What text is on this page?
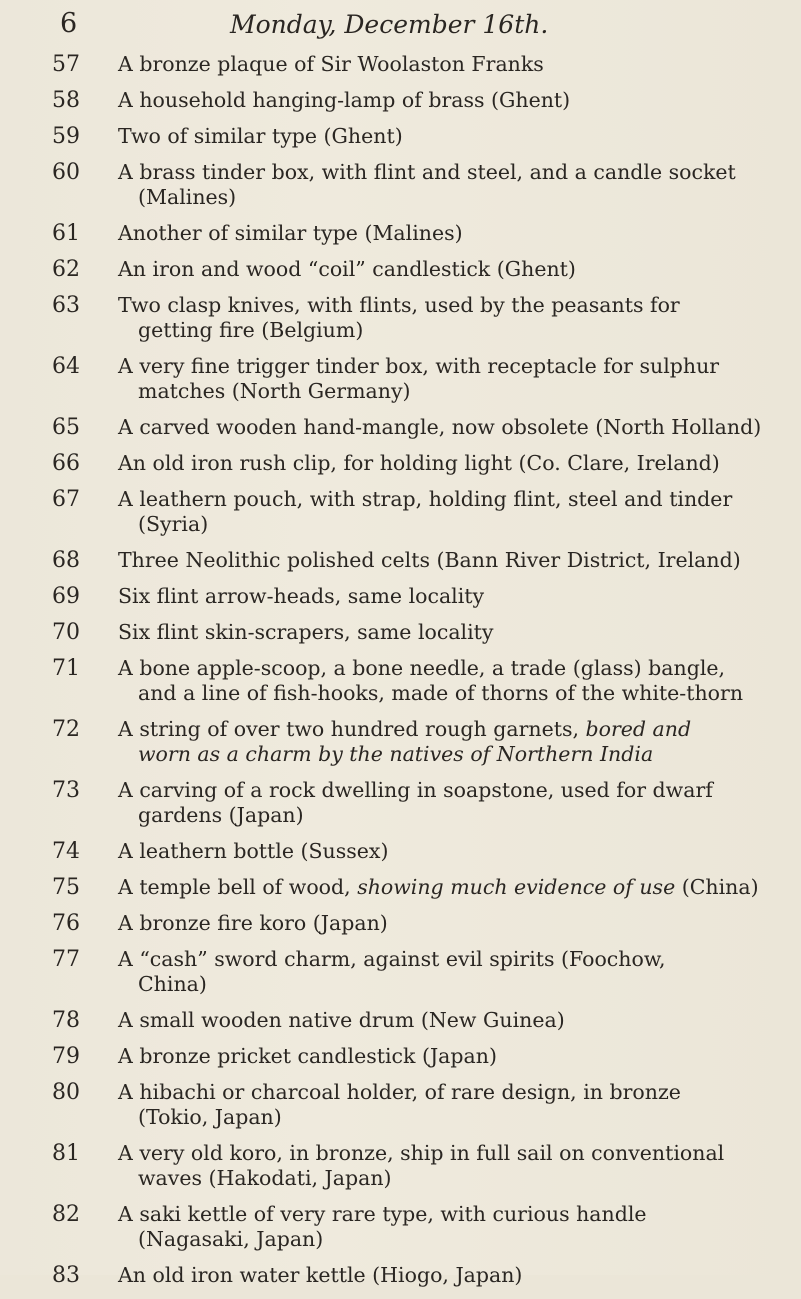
6	Monday, December 16th.
57	A bronze plaque of Sir Woolaston Franks
58	A household hanging-lamp of brass (Ghent)
59	Two of similar type (Ghent)
60	A brass tinder box, with flint and steel, and a candle socket
(Malines)
61	Another of similar type (Malines)
62	An iron and wood “coil” candlestick (Ghent)
63	Two clasp knives, with flints, used by the peasants for
getting fire (Belgium)
64	A very fine trigger tinder box, with receptacle for sulphur
matches (North Germany)
65	A carved wooden hand-mangle, now obsolete (North Holland)
66	An old iron rush clip, for holding light (Co. Clare, Ireland)
67	A leathern pouch, with strap, holding flint, steel and tinder
(Syria)
68	Three Neolithic polished celts (Bann River District, Ireland)
69	Six flint arrow-heads, same locality
70	Six flint skin-scrapers, same locality
71	A bone apple-scoop, a bone needle, a trade (glass) bangle,
and a line of fish-hooks, made of thorns of the white-thorn
72	A string of over two hundred rough garnets, bored and
worn as a charm by the natives of Northern India
73	A carving of a rock dwelling in soapstone, used for dwarf
gardens (Japan)
74	A leathern bottle (Sussex)
75	A temple bell of wood, showing much evidence of use (China)
76	A bronze fire koro (Japan)
77	A “cash” sword charm, against evil spirits (Foochow,
China)
78	A small wooden native drum (New Guinea)
79	A bronze pricket candlestick (Japan)
80	A hibachi or charcoal holder, of rare design, in bronze
(Tokio, Japan)
81	A very old koro, in bronze, ship in full sail on conventional
waves (Hakodati, Japan)
82	A saki kettle of very rare type, with curious handle
(Nagasaki, Japan)
83	An old iron water kettle (Hiogo, Japan)
